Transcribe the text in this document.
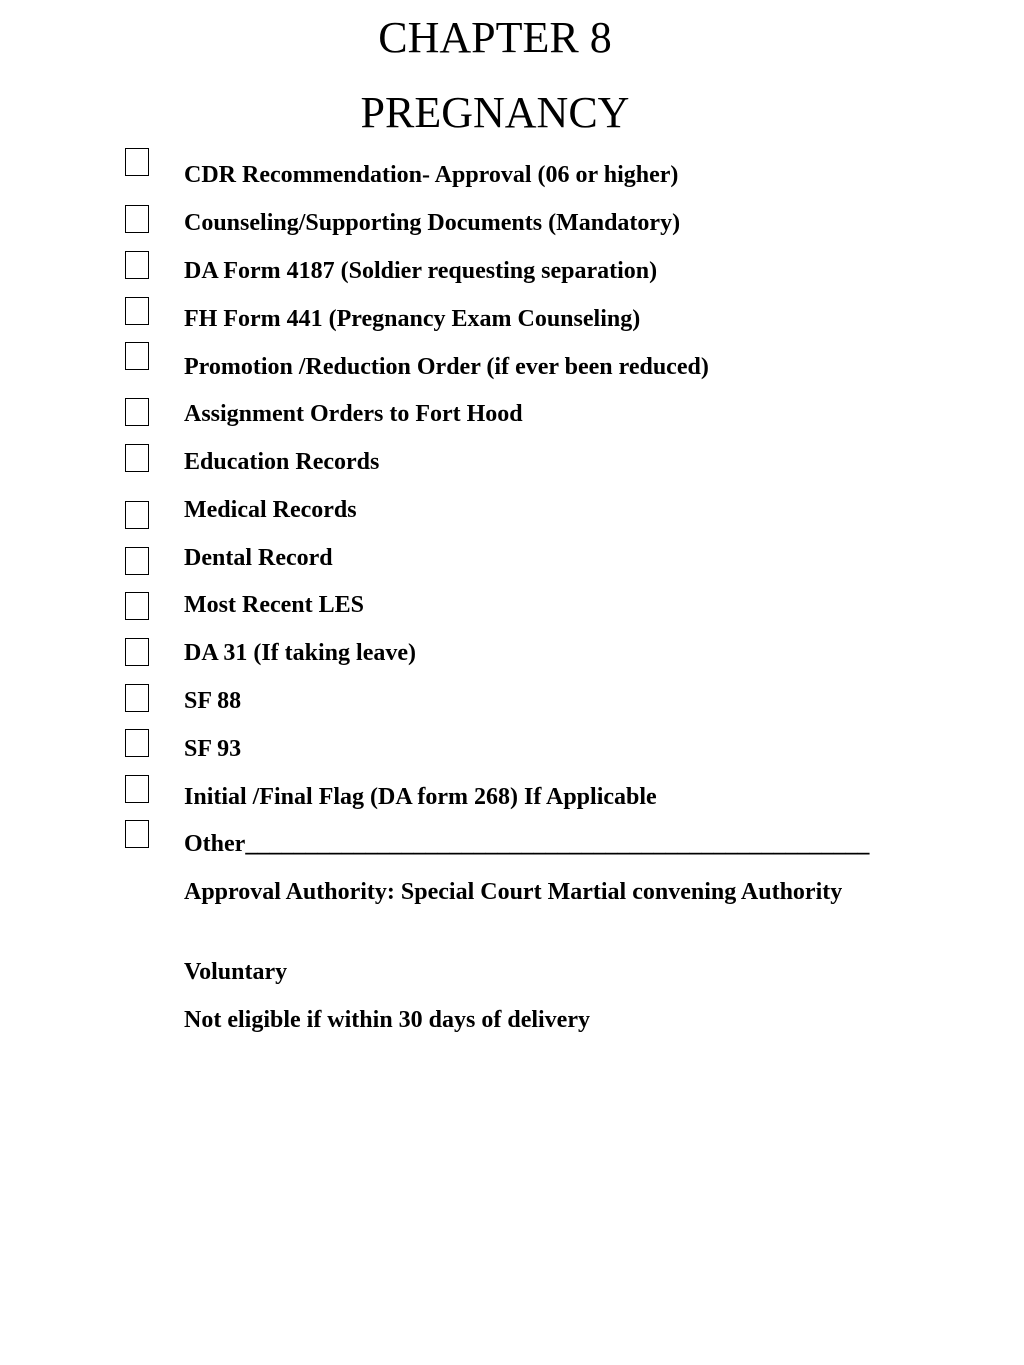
CHAPTER 8
PREGNANCY
CDR Recommendation- Approval (06 or higher)
Counseling/Supporting Documents (Mandatory)
DA Form 4187 (Soldier requesting separation)
FH Form 441 (Pregnancy Exam Counseling)
Promotion /Reduction Order (if ever been reduced)
Assignment Orders to Fort Hood
Education Records
Medical Records
Dental Record
Most Recent LES
DA 31 (If taking leave)
SF 88
SF 93
Initial /Final Flag (DA form 268) If Applicable
Other____________________________________________________
Approval Authority: Special Court Martial convening Authority
Voluntary
Not eligible if within 30 days of delivery
